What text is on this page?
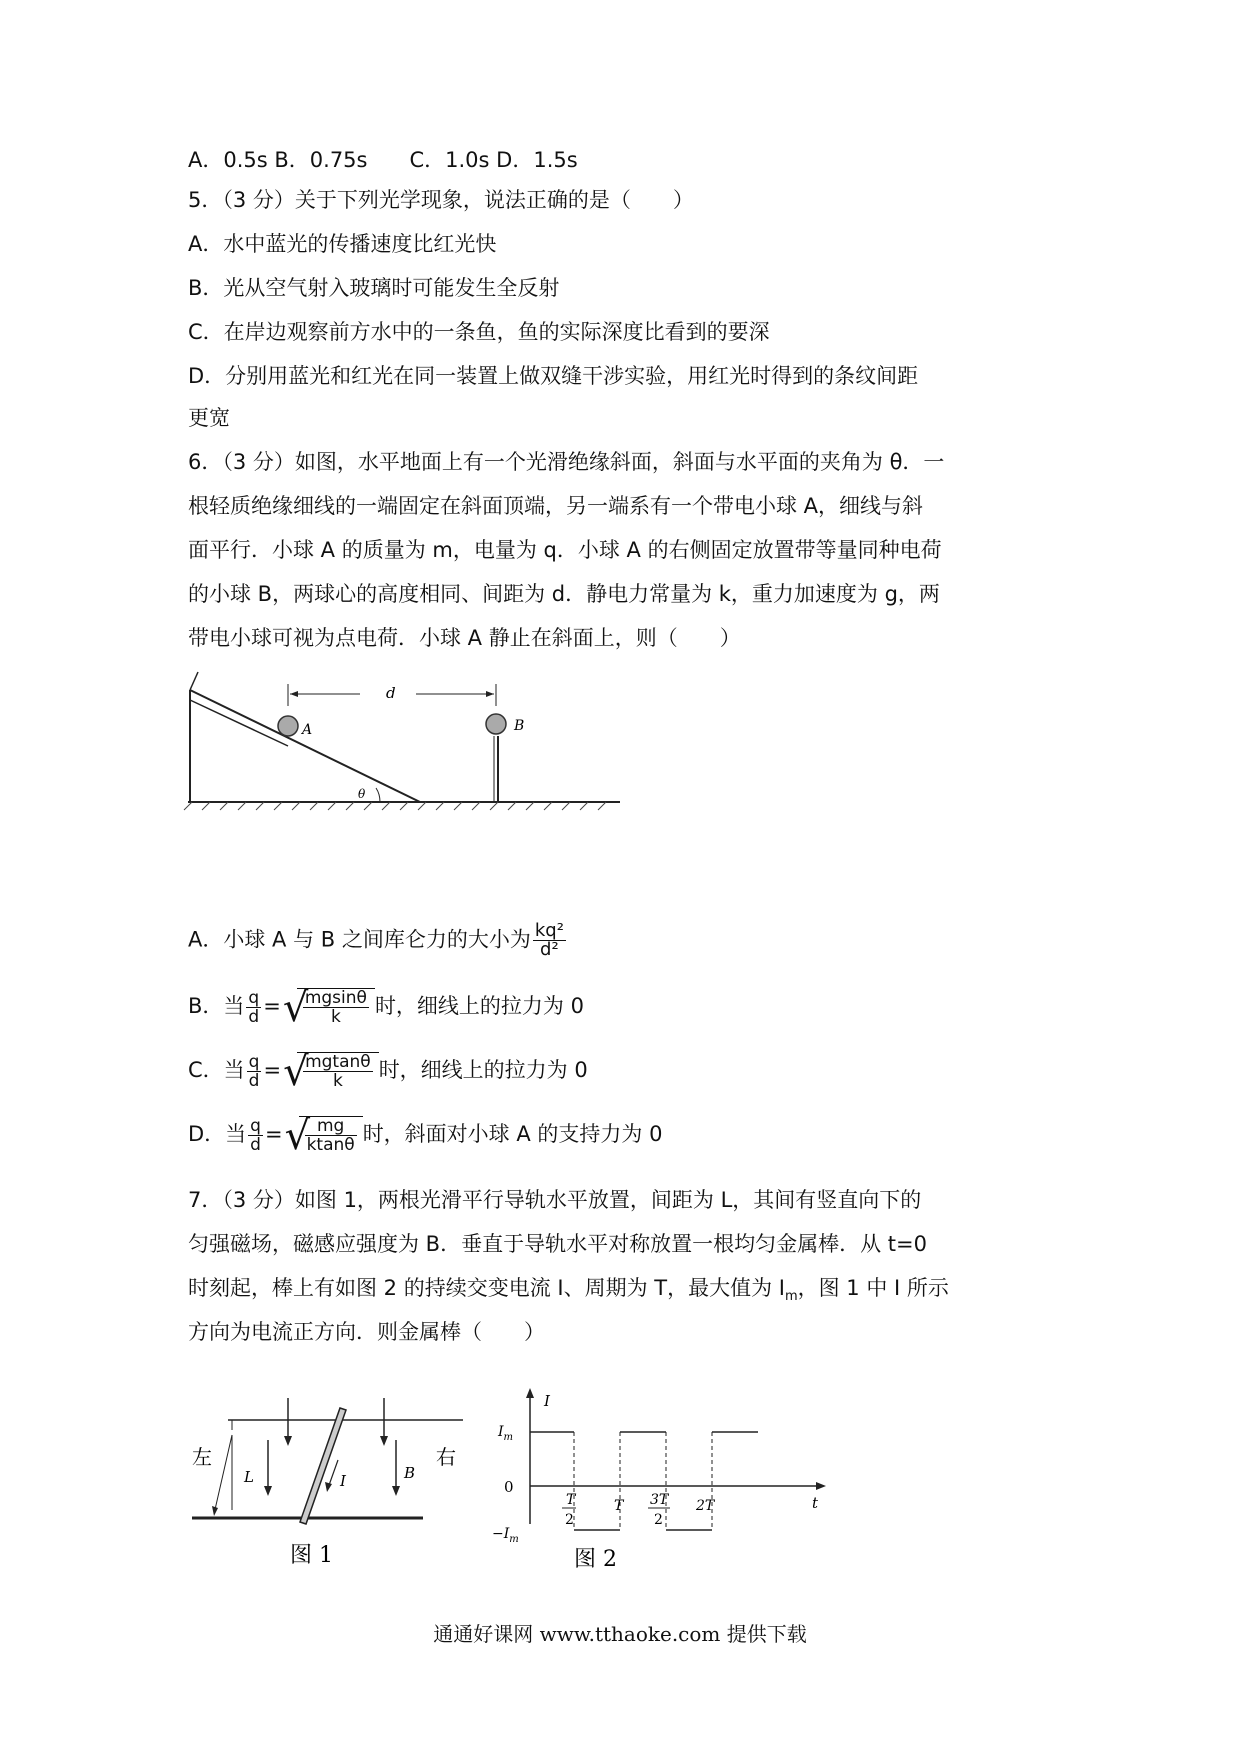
A．0.5s B．0.75s　　C．1.0s D．1.5s
5．（3 分）关于下列光学现象，说法正确的是（　　）
A．水中蓝光的传播速度比红光快
B．光从空气射入玻璃时可能发生全反射
C．在岸边观察前方水中的一条鱼，鱼的实际深度比看到的要深
D．分别用蓝光和红光在同一装置上做双缝干涉实验，用红光时得到的条纹间距
更宽
6．（3 分）如图，水平地面上有一个光滑绝缘斜面，斜面与水平面的夹角为 θ．一
根轻质绝缘细线的一端固定在斜面顶端，另一端系有一个带电小球 A，细线与斜
面平行．小球 A 的质量为 m，电量为 q．小球 A 的右侧固定放置带等量同种电荷
的小球 B，两球心的高度相同、间距为 d．静电力常量为 k，重力加速度为 g，两
带电小球可视为点电荷．小球 A 静止在斜面上，则（　　）
A	B
d
θ
A．小球 A 与 B 之间库仑力的大小为 $\frac{\text{kq²}}{\text{d²}}$
B．当 $\frac{q}{d}$ = √
$\frac{mgsin\theta}{k}$ 时，细线上的拉力为 0
C．当 $\frac{q}{d}$ = √
$\frac{mgtan\theta}{k}$ 时，细线上的拉力为 0
D．当 $\frac{q}{d}$ = √
$\frac{mg}{ktan\theta}$ 时，斜面对小球 A 的支持力为 0
7．（3 分）如图 1，两根光滑平行导轨水平放置，间距为 L，其间有竖直向下的
匀强磁场，磁感应强度为 B．垂直于导轨水平对称放置一根均匀金属棒．从 t=0
时刻起，棒上有如图 2 的持续交变电流 I、周期为 T，最大值为 $I_m$，图 1 中 I 所示
方向为电流正方向．则金属棒（　　）
L
左	右
I	B
图 1
I
t
0
$I_m$
$-I_m$
T
2
T 3T
2
2T
图 2
通通好课网 www.tthaoke.com 提供下载
